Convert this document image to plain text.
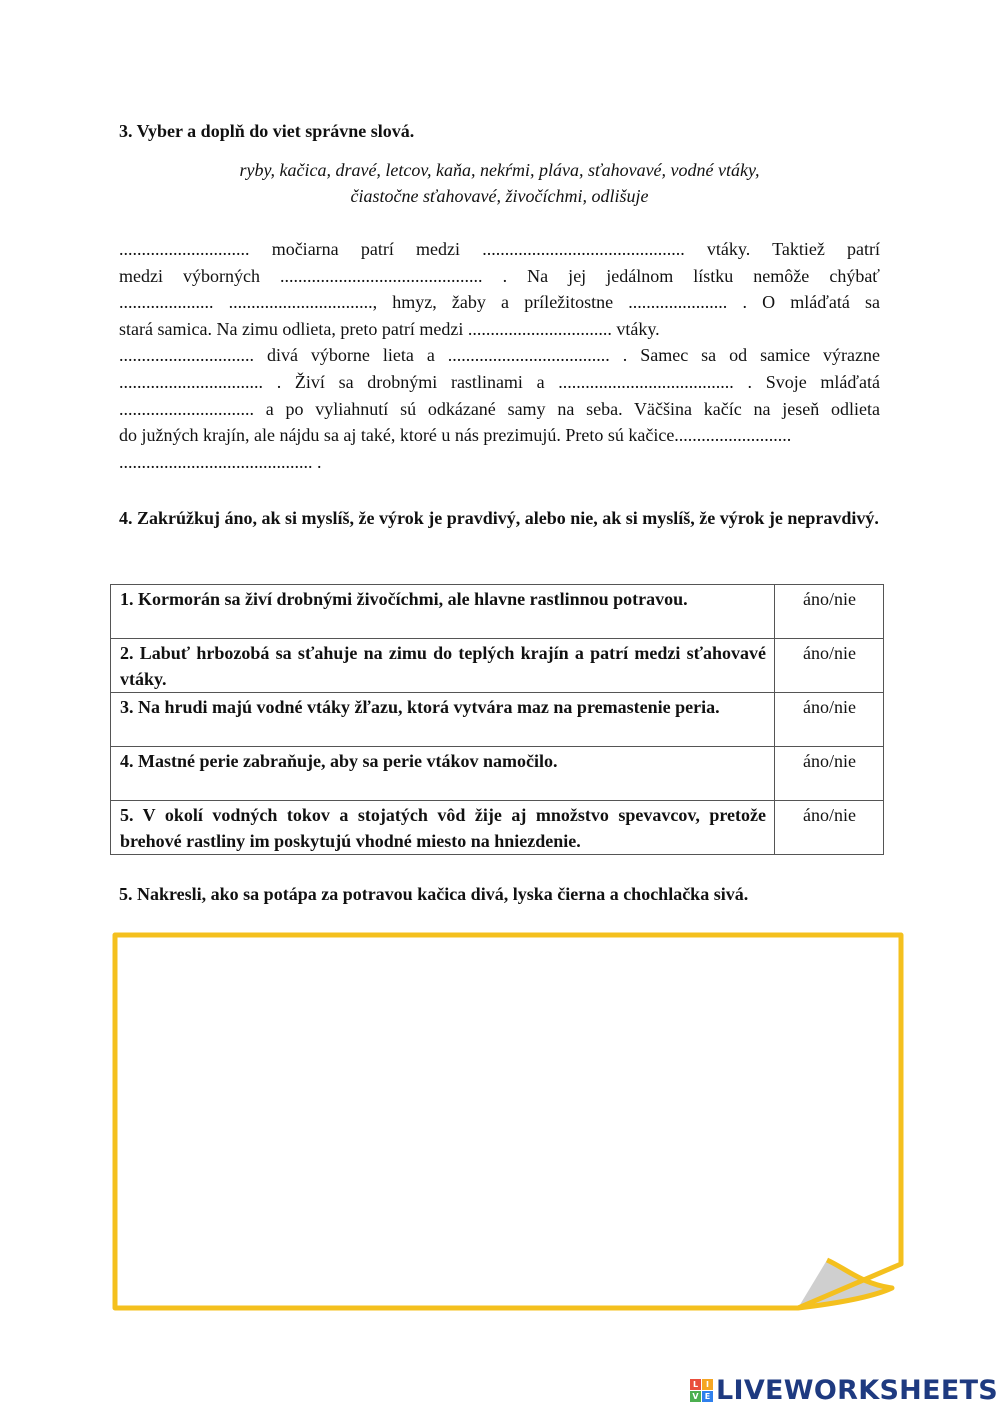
3. Vyber a doplň do viet správne slová.
ryby, kačica, dravé, letcov, kaňa, nekŕmi, pláva, sťahovavé, vodné vtáky,
čiastočne sťahovavé, živočíchmi, odlišuje
............................. močiarna patrí medzi ............................................. vtáky. Taktiež patrí
medzi výborných ............................................. . Na jej jedálnom lístku nemôže chýbať
..................... ................................, hmyz, žaby a príležitostne ...................... . O mláďatá sa
stará samica. Na zimu odlieta, preto patrí medzi ................................ vtáky.
.............................. divá výborne lieta a .................................... . Samec sa od samice výrazne
................................ . Živí sa drobnými rastlinami a ....................................... . Svoje mláďatá
.............................. a po vyliahnutí sú odkázané samy na seba. Väčšina kačíc na jeseň odlieta
do južných krajín, ale nájdu sa aj také, ktoré u nás prezimujú. Preto sú kačice..........................
........................................... .
4. Zakrúžkuj áno, ak si myslíš, že výrok je pravdivý, alebo nie, ak si myslíš, že výrok je nepravdivý.
1. Kormorán sa živí drobnými živočíchmi, ale hlavne rastlinnou potravou.	áno/nie
2. Labuť hrbozobá sa sťahuje na zimu do teplých krajín a patrí medzi sťahovavé vtáky.	áno/nie
3. Na hrudi majú vodné vtáky žľazu, ktorá vytvára maz na premastenie peria.	áno/nie
4. Mastné perie zabraňuje, aby sa perie vtákov namočilo.	áno/nie
5. V okolí vodných tokov a stojatých vôd žije aj množstvo spevavcov, pretože brehové rastliny im poskytujú vhodné miesto na hniezdenie.	áno/nie
5. Nakresli, ako sa potápa za potravou kačica divá, lyska čierna a chochlačka sivá.
L I
V E LIVEWORKSHEETS
